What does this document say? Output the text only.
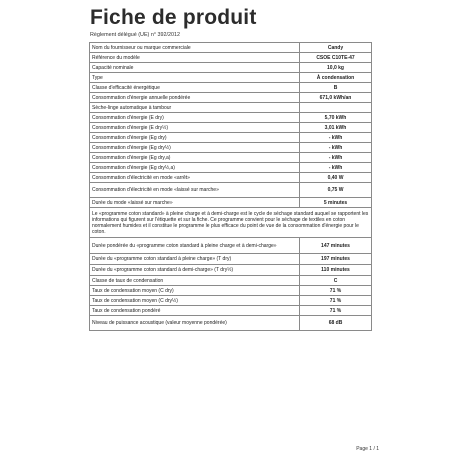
Fiche de produit
Règlement délégué (UE) n° 392/2012
Nom du fournisseur ou marque commerciale	Candy
Référence du modèle	CSOE C10TE-47
Capacité nominale	10,0 kg
Type	À condensation
Classe d'efficacité énergétique	B
Consommation d'énergie annuelle pondérée	671,0 kWh/an
Sèche-linge automatique à tambour	
Consommation d'énergie (E dry)	5,70 kWh
Consommation d'énergie (E dry½)	3,01 kWh
Consommation d'énergie (Eg dry)	- kWh
Consommation d'énergie (Eg dry½)	- kWh
Consommation d'énergie (Eg dry,a)	- kWh
Consommation d'énergie (Eg dry½,a)	- kWh
Consommation d'électricité en mode «arrêt»	0,40 W
Consommation d'électricité en mode «laissé sur marche»	0,75 W
Durée du mode «laissé sur marche»	5 minutes
Le «programme coton standard» à pleine charge et à demi-charge est le cycle de séchage standard auquel se rapportent les informations qui figurent sur l'étiquette et sur la fiche. Ce programme convient pour le séchage de textiles en coton normalement humides et il constitue le programme le plus efficace du point de vue de la consommation d'énergie pour le coton.	
Durée pondérée du «programme coton standard à pleine charge et à demi-charge»	147 minutes
Durée du «programme coton standard à pleine charge» (T dry)	197 minutes
Durée du «programme coton standard à demi-charge» (T dry½)	110 minutes
Classe de taux de condensation	C
Taux de condensation moyen (C dry)	71 %
Taux de condensation moyen (C dry½)	71 %
Taux de condensation pondéré	71 %
Niveau de puissance acoustique (valeur moyenne pondérée)	68 dB
Page 1 / 1
